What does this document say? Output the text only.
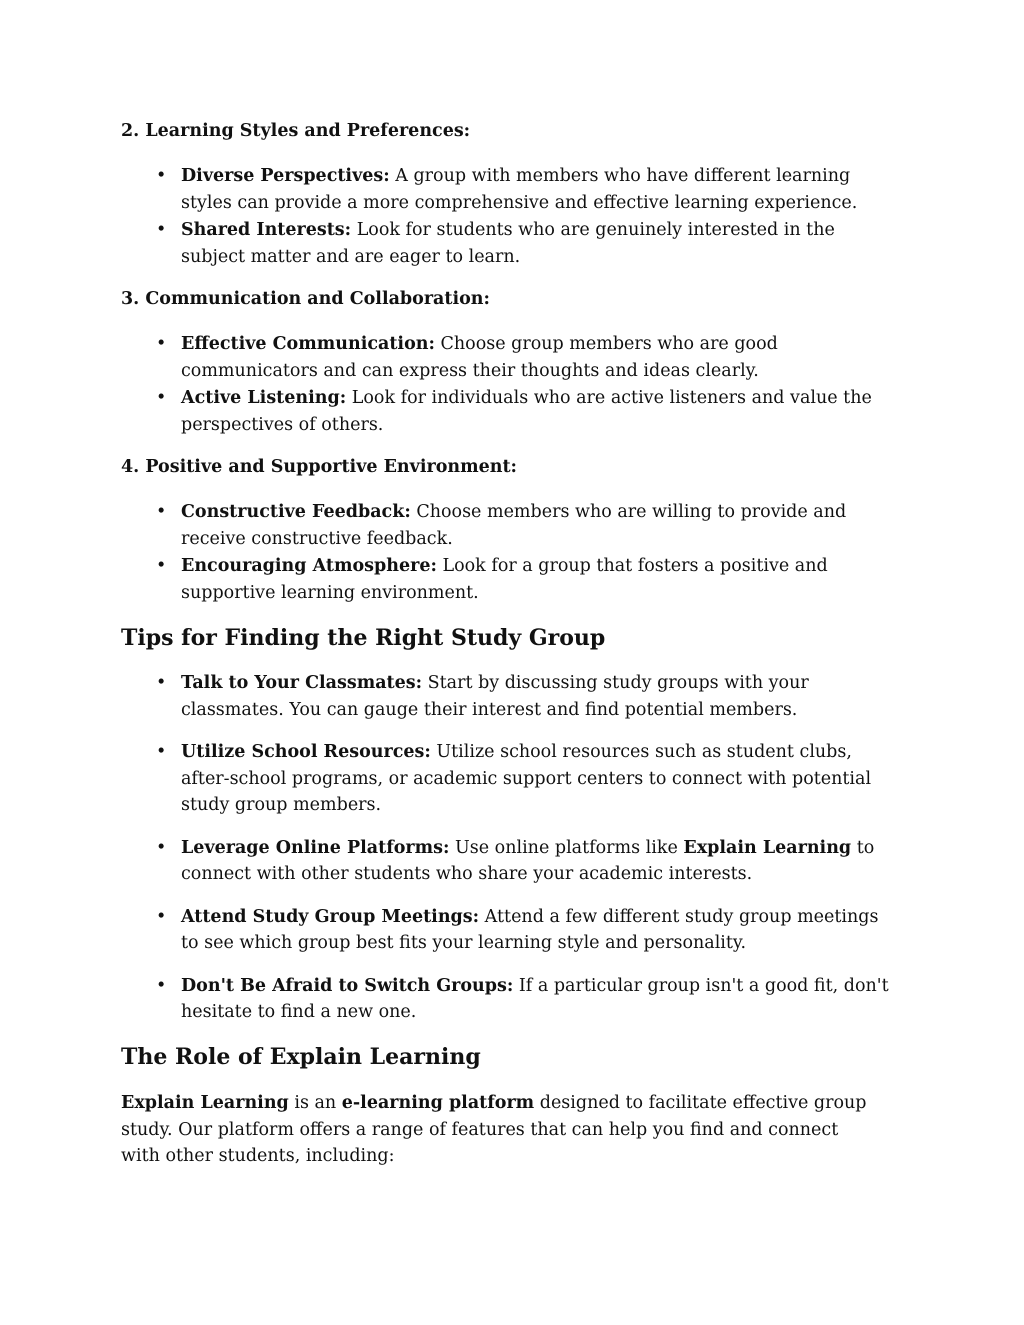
2. Learning Styles and Preferences:
• Diverse Perspectives: A group with members who have different learning styles can provide a more comprehensive and effective learning experience.
• Shared Interests: Look for students who are genuinely interested in the subject matter and are eager to learn.
3. Communication and Collaboration:
• Effective Communication: Choose group members who are good communicators and can express their thoughts and ideas clearly.
• Active Listening: Look for individuals who are active listeners and value the perspectives of others.
4. Positive and Supportive Environment:
• Constructive Feedback: Choose members who are willing to provide and receive constructive feedback.
• Encouraging Atmosphere: Look for a group that fosters a positive and supportive learning environment.
Tips for Finding the Right Study Group
• Talk to Your Classmates: Start by discussing study groups with your classmates. You can gauge their interest and find potential members.
• Utilize School Resources: Utilize school resources such as student clubs, after-school programs, or academic support centers to connect with potential study group members.
• Leverage Online Platforms: Use online platforms like Explain Learning to connect with other students who share your academic interests.
• Attend Study Group Meetings: Attend a few different study group meetings to see which group best fits your learning style and personality.
• Don't Be Afraid to Switch Groups: If a particular group isn't a good fit, don't hesitate to find a new one.
The Role of Explain Learning

Explain Learning is an e-learning platform designed to facilitate effective group study. Our platform offers a range of features that can help you find and connect with other students, including:
